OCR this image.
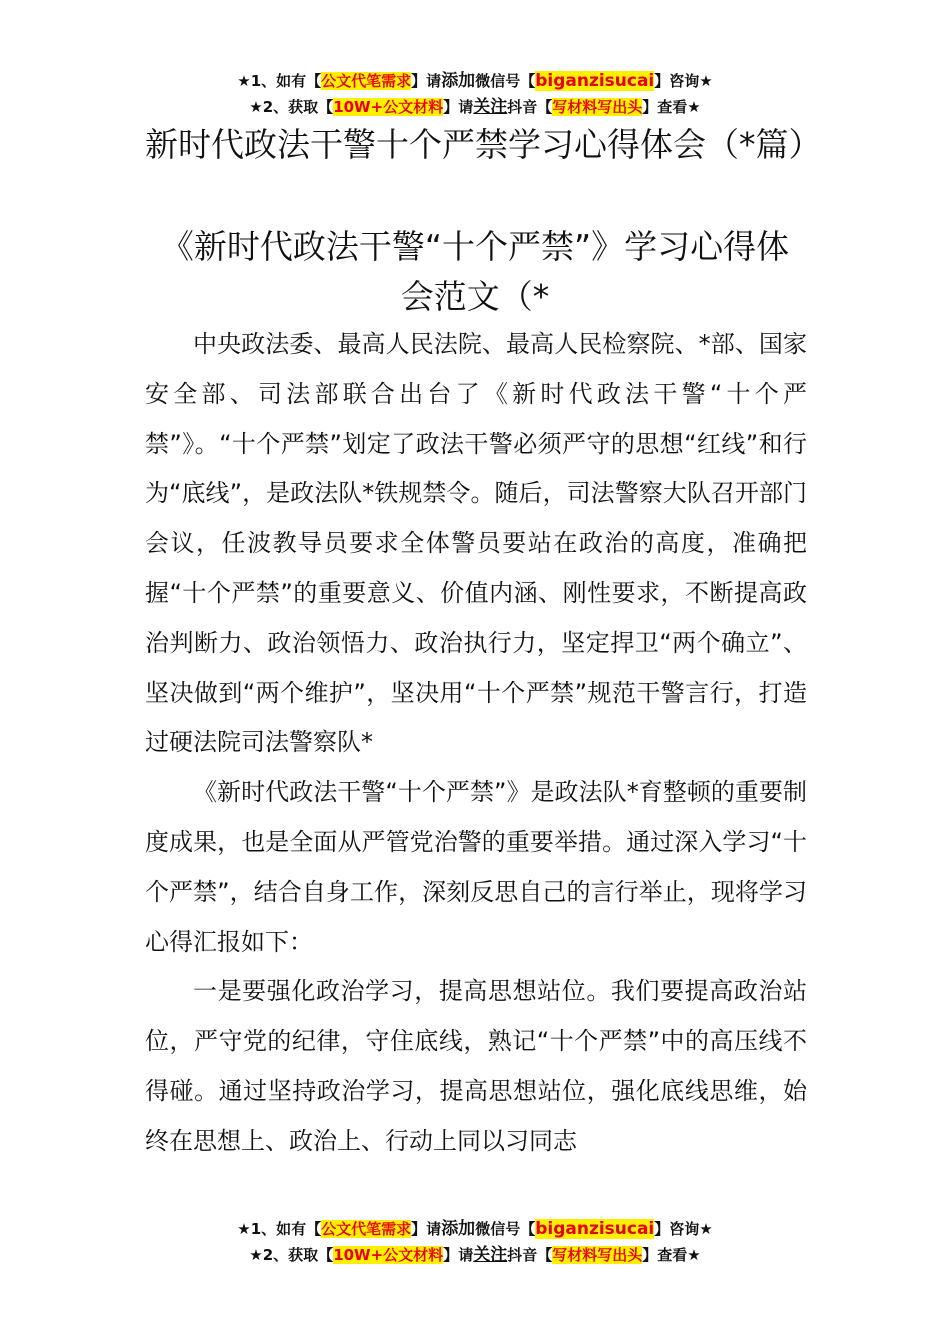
★1、如有【公文代笔需求】请添加微信号【biganzisucai】咨询★
★2、获取【10W+公文材料】请关注抖音【写材料写出头】查看★
新时代政法干警十个严禁学习心得体会（*篇）
《新时代政法干警“十个严禁”》学习心得体会范文（*

中央政法委、最高人民法院、最高人民检察院、*部、国家安全部、司法部联合出台了《新时代政法干警“十个严禁”》。“十个严禁”划定了政法干警必须严守的思想“红线”和行为“底线”，是政法队*铁规禁令。随后，司法警察大队召开部门会议，任波教导员要求全体警员要站在政治的高度，准确把握“十个严禁”的重要意义、价值内涵、刚性要求，不断提高政治判断力、政治领悟力、政治执行力，坚定捍卫“两个确立”、坚决做到“两个维护”，坚决用“十个严禁”规范干警言行，打造过硬法院司法警察队*

《新时代政法干警“十个严禁”》是政法队*育整顿的重要制度成果，也是全面从严管党治警的重要举措。通过深入学习“十个严禁”，结合自身工作，深刻反思自己的言行举止，现将学习心得汇报如下：

一是要强化政治学习，提高思想站位。我们要提高政治站位，严守党的纪律，守住底线，熟记“十个严禁”中的高压线不得碰。通过坚持政治学习，提高思想站位，强化底线思维，始终在思想上、政治上、行动上同以习同志

★1、如有【公文代笔需求】请添加微信号【biganzisucai】咨询★
★2、获取【10W+公文材料】请关注抖音【写材料写出头】查看★
